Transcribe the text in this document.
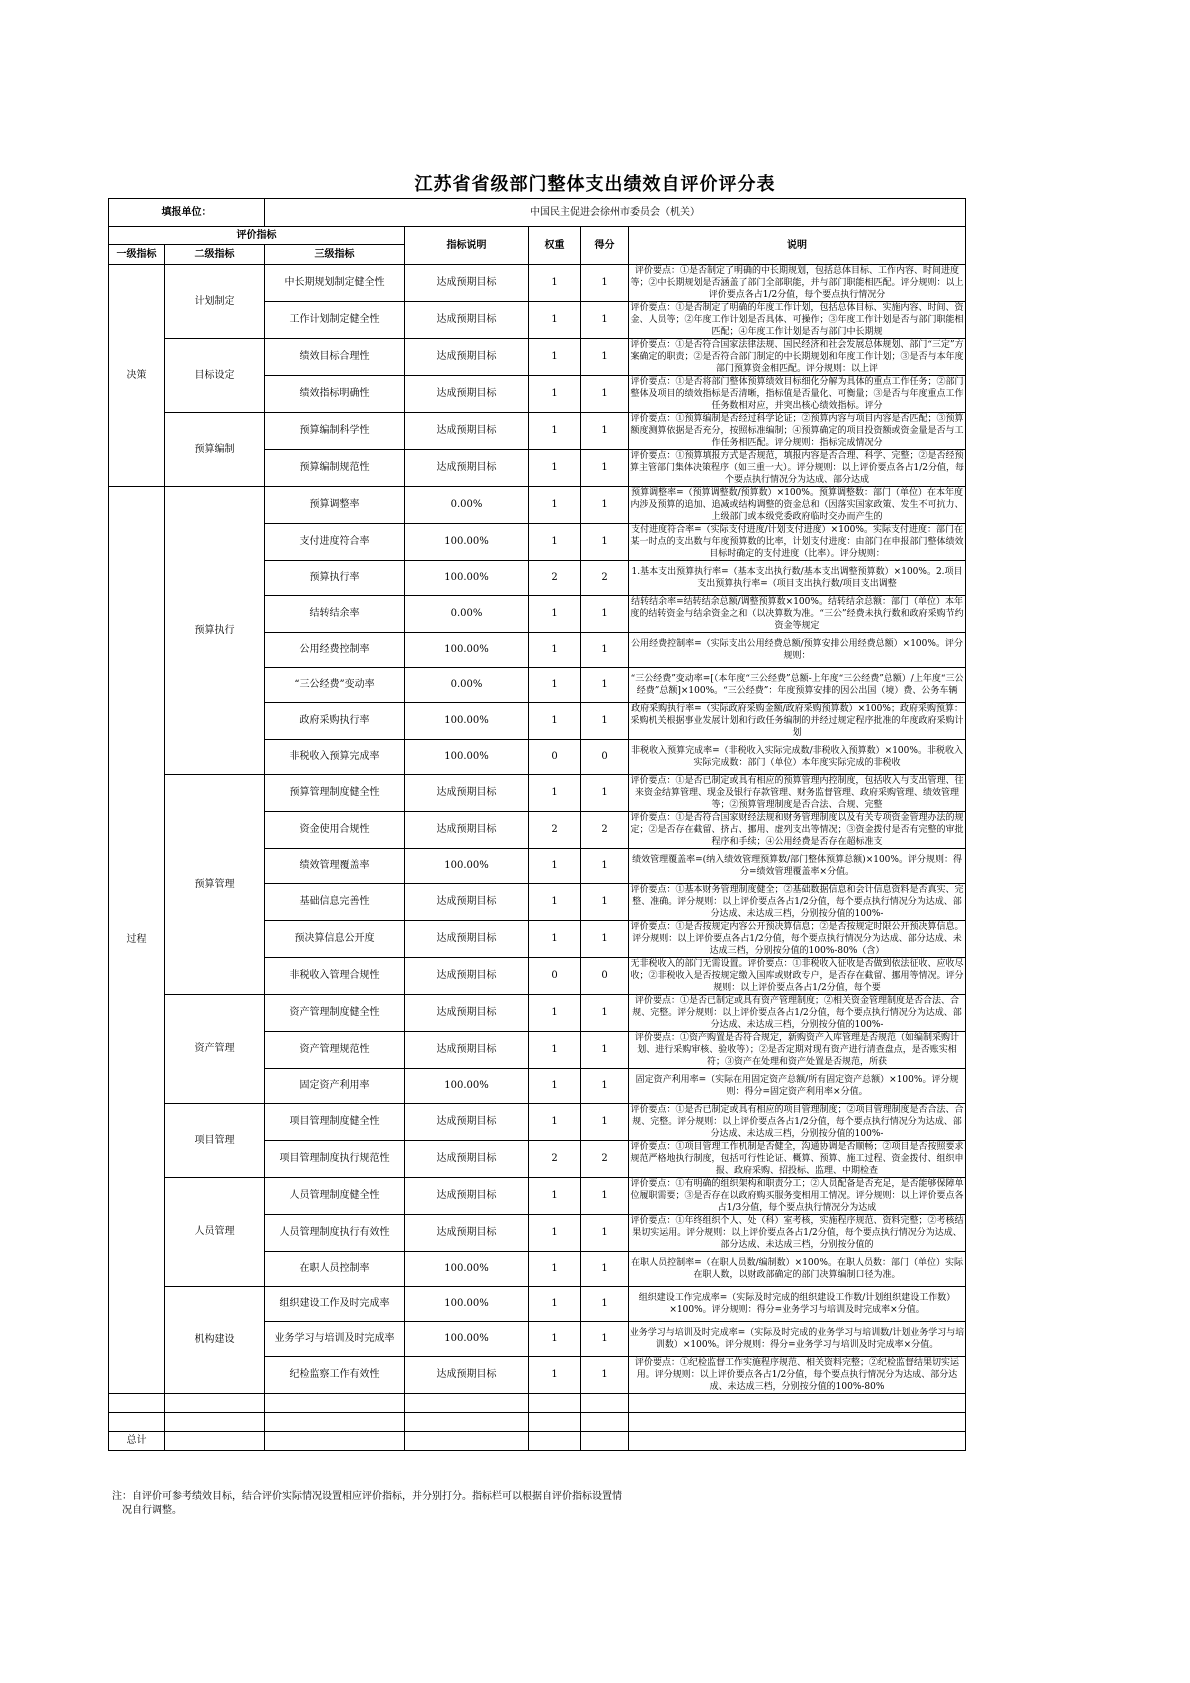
江苏省省级部门整体支出绩效自评价评分表
填报单位：		中国民主促进会徐州市委员会（机关）				
评价指标			指标说明	权重	得分	说明
一级指标	二级指标	三级指标				
决策	计划制定	中长期规划制定健全性	达成预期目标	1	1	评价要点：①是否制定了明确的中长期规划，包括总体目标、工作内容、时间进度等；②中长期规划是否涵盖了部门全部职能，并与部门职能相匹配。评分规则：以上评价要点各占1/2分值，每个要点执行情况分

		工作计划制定健全性	达成预期目标	1	1	评价要点：①是否制定了明确的年度工作计划，包括总体目标、实施内容、时间、资金、人员等；②年度工作计划是否具体、可操作；③年度工作计划是否与部门职能相匹配；④年度工作计划是否与部门中长期规

	目标设定	绩效目标合理性	达成预期目标	1	1	评价要点：①是否符合国家法律法规、国民经济和社会发展总体规划、部门“三定”方案确定的职责；②是否符合部门制定的中长期规划和年度工作计划；③是否与本年度部门预算资金相匹配。评分规则：以上评

		绩效指标明确性	达成预期目标	1	1	评价要点：①是否将部门整体预算绩效目标细化分解为具体的重点工作任务；②部门整体及项目的绩效指标是否清晰，指标值是否量化、可衡量；③是否与年度重点工作任务数相对应，并突出核心绩效指标。评分

	预算编制	预算编制科学性	达成预期目标	1	1	评价要点：①预算编制是否经过科学论证；②预算内容与项目内容是否匹配；③预算额度测算依据是否充分，按照标准编制；④预算确定的项目投资额或资金量是否与工作任务相匹配。评分规则：指标完成情况分

		预算编制规范性	达成预期目标	1	1	评价要点：①预算填报方式是否规范，填报内容是否合理、科学、完整；②是否经预算主管部门集体决策程序（如三重一大）。评分规则：以上评价要点各占1/2分值，每个要点执行情况分为达成、部分达成

过程	预算执行	预算调整率	0.00%	1	1	预算调整率=（预算调整数/预算数）×100%。预算调整数：部门（单位）在本年度内涉及预算的追加、追减或结构调整的资金总和（因落实国家政策、发生不可抗力、上级部门或本级党委政府临时交办而产生的

		支付进度符合率	100.00%	1	1	支付进度符合率=（实际支付进度/计划支付进度）×100%。实际支付进度：部门在某一时点的支出数与年度预算数的比率，计划支付进度：由部门在申报部门整体绩效目标时确定的支付进度（比率）。评分规则：

		预算执行率	100.00%	2	2	1.基本支出预算执行率=（基本支出执行数/基本支出调整预算数）×100%。2.项目支出预算执行率=（项目支出执行数/项目支出调整

		结转结余率	0.00%	1	1	结转结余率=结转结余总额/调整预算数×100%。结转结余总额：部门（单位）本年度的结转资金与结余资金之和（以决算数为准。“三公”经费未执行数和政府采购节约资金等规定

		公用经费控制率	100.00%	1	1	公用经费控制率=（实际支出公用经费总额/预算安排公用经费总额）×100%。评分规则：

		“三公经费”变动率	0.00%	1	1	“三公经费”变动率=[（本年度“三公经费”总额-上年度“三公经费”总额）/上年度“三公经费”总额]×100%。“三公经费”：年度预算安排的因公出国（境）费、公务车辆

		政府采购执行率	100.00%	1	1	政府采购执行率=（实际政府采购金额/政府采购预算数）×100%；政府采购预算：采购机关根据事业发展计划和行政任务编制的并经过规定程序批准的年度政府采购计划

		非税收入预算完成率	100.00%	0	0	非税收入预算完成率=（非税收入实际完成数/非税收入预算数）×100%。非税收入实际完成数：部门（单位）本年度实际完成的非税收

	预算管理	预算管理制度健全性	达成预期目标	1	1	评价要点：①是否已制定或具有相应的预算管理内控制度，包括收入与支出管理、往来资金结算管理、现金及银行存款管理、财务监督管理、政府采购管理、绩效管理等；②预算管理制度是否合法、合规、完整

		资金使用合规性	达成预期目标	2	2	评价要点：①是否符合国家财经法规和财务管理制度以及有关专项资金管理办法的规定；②是否存在截留、挤占、挪用、虚列支出等情况；③资金拨付是否有完整的审批程序和手续；④公用经费是否存在超标准支

		绩效管理覆盖率	100.00%	1	1	绩效管理覆盖率=(纳入绩效管理预算数/部门整体预算总额)×100%。评分规则：得分=绩效管理覆盖率×分值。

		基础信息完善性	达成预期目标	1	1	评价要点：①基本财务管理制度健全；②基础数据信息和会计信息资料是否真实、完整、准确。评分规则：以上评价要点各占1/2分值，每个要点执行情况分为达成、部分达成、未达成三档，分别按分值的100%-

		预决算信息公开度	达成预期目标	1	1	评价要点：①是否按规定内容公开预决算信息；②是否按规定时限公开预决算信息。评分规则：以上评价要点各占1/2分值，每个要点执行情况分为达成、部分达成、未达成三档，分别按分值的100%-80%（含）

		非税收入管理合规性	达成预期目标	0	0	无非税收入的部门无需设置。评价要点：①非税收入征收是否做到依法征收、应收尽收；②非税收入是否按规定缴入国库或财政专户，是否存在截留、挪用等情况。评分规则：以上评价要点各占1/2分值，每个要

	资产管理	资产管理制度健全性	达成预期目标	1	1	评价要点：①是否已制定或具有资产管理制度；②相关资金管理制度是否合法、合规、完整。评分规则：以上评价要点各占1/2分值，每个要点执行情况分为达成、部分达成、未达成三档，分别按分值的100%-

		资产管理规范性	达成预期目标	1	1	评价要点：①资产购置是否符合规定，新购资产入库管理是否规范（如编制采购计划、进行采购审核、验收等）；②是否定期对现有资产进行清查盘点，是否账实相符；③资产在处理和资产处置是否规范，所获

		固定资产利用率	100.00%	1	1	固定资产利用率=（实际在用固定资产总额/所有固定资产总额）×100%。评分规则：得分=固定资产利用率×分值。

	项目管理	项目管理制度健全性	达成预期目标	1	1	评价要点：①是否已制定或具有相应的项目管理制度；②项目管理制度是否合法、合规、完整。评分规则：以上评价要点各占1/2分值，每个要点执行情况分为达成、部分达成、未达成三档，分别按分值的100%-

		项目管理制度执行规范性	达成预期目标	2	2	评价要点：①项目管理工作机制是否健全，沟通协调是否顺畅；②项目是否按照要求规范严格地执行制度，包括可行性论证、概算、预算、施工过程、资金拨付、组织申报、政府采购、招投标、监理、中期检查

	人员管理	人员管理制度健全性	达成预期目标	1	1	评价要点：①有明确的组织架构和职责分工；②人员配备是否充足，是否能够保障单位履职需要；③是否存在以政府购买服务变相用工情况。评分规则：以上评价要点各占1/3分值，每个要点执行情况分为达成

		人员管理制度执行有效性	达成预期目标	1	1	评价要点：①年终组织个人、处（科）室考核，实施程序规范、资料完整；②考核结果切实运用。评分规则：以上评价要点各占1/2分值，每个要点执行情况分为达成、部分达成、未达成三档，分别按分值的

		在职人员控制率	100.00%	1	1	在职人员控制率=（在职人员数/编制数）×100%。在职人员数：部门（单位）实际在职人数，以财政部确定的部门决算编制口径为准。

	机构建设	组织建设工作及时完成率	100.00%	1	1	组织建设工作完成率=（实际及时完成的组织建设工作数/计划组织建设工作数）×100%。评分规则：得分=业务学习与培训及时完成率×分值。

		业务学习与培训及时完成率	100.00%	1	1	业务学习与培训及时完成率=（实际及时完成的业务学习与培训数/计划业务学习与培训数）×100%。评分规则：得分=业务学习与培训及时完成率×分值。

		纪检监察工作有效性	达成预期目标	1	1	评价要点：①纪检监督工作实施程序规范、相关资料完整；②纪检监督结果切实运用。评分规则：以上评价要点各占1/2分值，每个要点执行情况分为达成、部分达成、未达成三档，分别按分值的100%-80%

总计						
注：自评价可参考绩效目标，结合评价实际情况设置相应评价指标，并分别打分。指标栏可以根据自评价指标设置情
况自行调整。
